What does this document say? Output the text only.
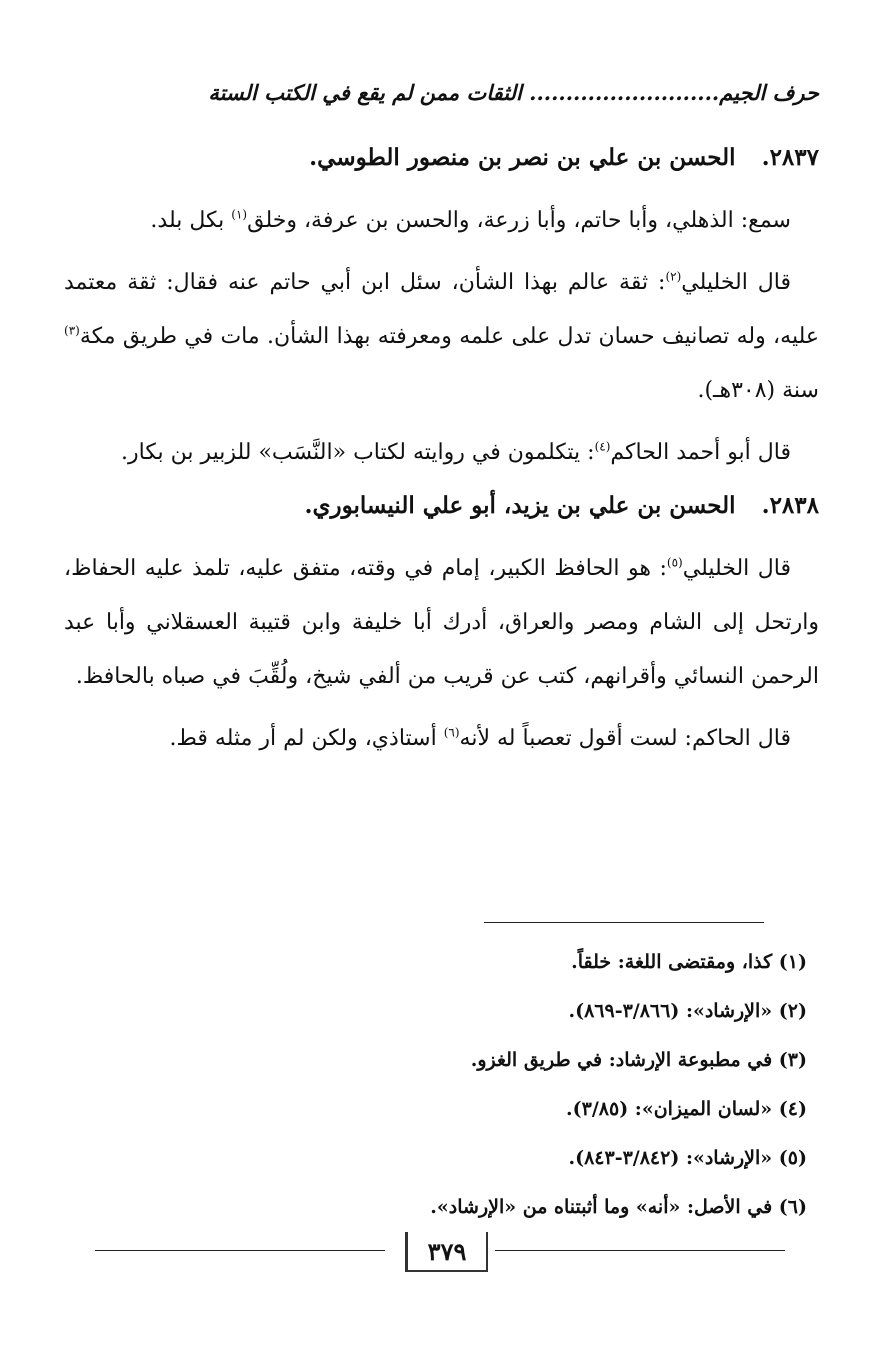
حرف الجيم.......................... الثقات ممن لم يقع في الكتب الستة
٢٨٣٧. الحسن بن علي بن نصر بن منصور الطوسي.

سمع: الذهلي، وأبا حاتم، وأبا زرعة، والحسن بن عرفة، وخلق$^{(١)}$ بكل بلد.

قال الخليلي$^{(٢)}$: ثقة عالم بهذا الشأن، سئل ابن أبي حاتم عنه فقال: ثقة معتمد عليه، وله تصانيف حسان تدل على علمه ومعرفته بهذا الشأن. مات في طريق مكة$^{(٣)}$ سنة (٣٠٨هـ).

قال أبو أحمد الحاكم$^{(٤)}$: يتكلمون في روايته لكتاب «النَّسَب» للزبير بن بكار.

٢٨٣٨. الحسن بن علي بن يزيد، أبو علي النيسابوري.

قال الخليلي$^{(٥)}$: هو الحافظ الكبير، إمام في وقته، متفق عليه، تلمذ عليه الحفاظ، وارتحل إلى الشام ومصر والعراق، أدرك أبا خليفة وابن قتيبة العسقلاني وأبا عبد الرحمن النسائي وأقرانهم، كتب عن قريب من ألفي شيخ، ولُقِّبَ في صباه بالحافظ.

قال الحاكم: لست أقول تعصباً له لأنه$^{(٦)}$ أستاذي، ولكن لم أر مثله قط.

(١) كذا، ومقتضى اللغة: خلقاً.

(٢) «الإرشاد»: (٣/٨٦٦-٨٦٩).

(٣) في مطبوعة الإرشاد: في طريق الغزو.

(٤) «لسان الميزان»: (٣/٨٥).

(٥) «الإرشاد»: (٣/٨٤٢-٨٤٣).

(٦) في الأصل: «أنه» وما أثبتناه من «الإرشاد».

٣٧٩
